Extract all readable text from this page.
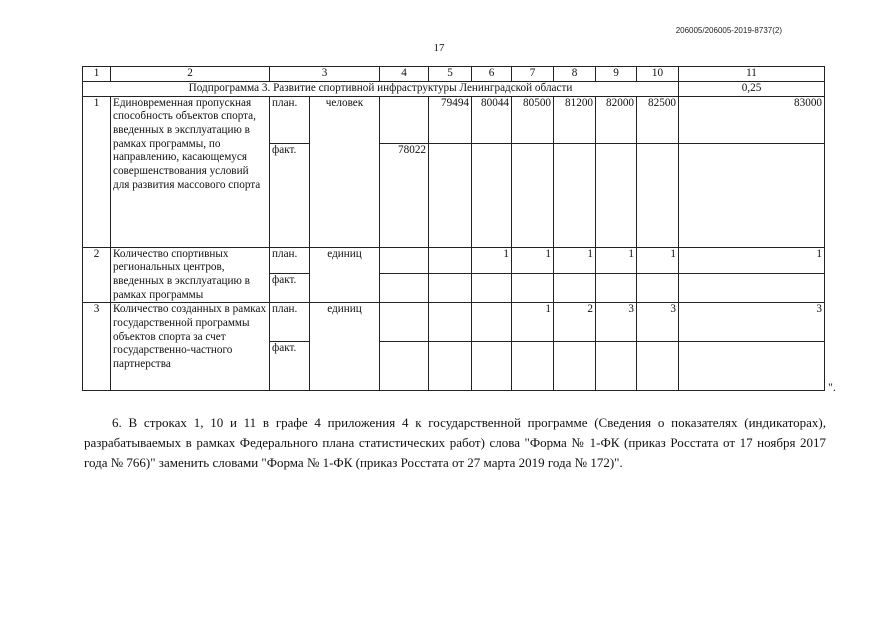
206005/206005-2019-8737(2)
17
1	2	3		4	5	6	7	8	9	10	11	
Подпрограмма 3. Развитие спортивной инфраструктуры Ленинградской области											0,25	
1	Единовременная пропускная способность объектов спорта, введенных в эксплуатацию в рамках программы, по направлению, касающемуся совершенствования условий для развития массового спорта	план.	человек		79494	80044	80500	81200	82000	82500	83000	
		факт.		78022								
2	Количество спортивных региональных центров, введенных в эксплуатацию в рамках программы	план.	единиц			1	1	1	1	1	1	
		факт.										
3	Количество созданных в рамках государственной программы объектов спорта за счет государственно-частного партнерства	план.	единиц				1	2	3	3	3	
		факт.										
".
6. В строках 1, 10 и 11 в графе 4 приложения 4 к государственной программе (Сведения о показателях (индикаторах), разрабатываемых в рамках Федерального плана статистических работ) слова "Форма № 1-ФК (приказ Росстата от 17 ноября 2017 года № 766)" заменить словами "Форма № 1-ФК (приказ Росстата от 27 марта 2019 года № 172)".
